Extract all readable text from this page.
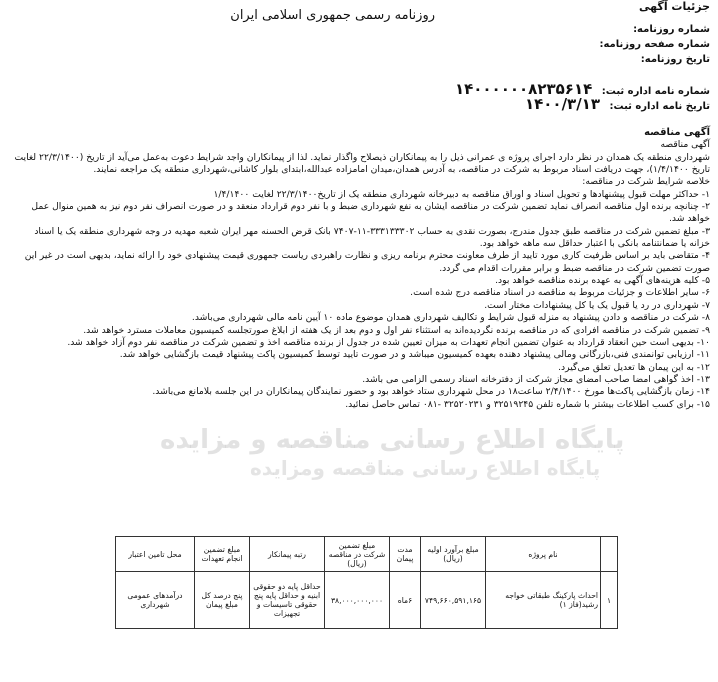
جزئیات آگهی
روزنامه رسمی جمهوری اسلامی ایران
شماره روزنامه:
شماره صفحه روزنامه:
تاریخ روزنامه:
شماره نامه اداره ثبت: ۱۴۰۰۰۰۰۰۸۲۳۵۶۱۴
تاریخ نامه اداره ثبت: ۱۴۰۰/۳/۱۳

آگهی مناقصه

آگهی مناقصه

شهرداری منطقه یک همدان در نظر دارد اجرای پروژه ی عمرانی ذیل را به پیمانکاران ذیصلاح واگذار نماید. لذا از پیمانکاران واجد شرایط دعوت به‌عمل می‌آید از تاریخ (۲۲/۳/۱۴۰۰ لغایت تاریخ ۱/۴/۱۴۰۰)، جهت دریافت اسناد مربوط به شرکت در مناقصه، به آدرس همدان،میدان امامزاده عبدالله،ابتدای بلوار کاشانی،شهرداری منطقه یک مراجعه نمایند.

خلاصه شرایط شرکت در مناقصه:

۱- حداکثر مهلت قبول پیشنهادها و تحویل اسناد و اوراق مناقصه به دبیرخانه شهرداری منطقه یک از تاریخ۲۲/۳/۱۴۰۰ لغایت ۱/۴/۱۴۰۰

۲- چنانچه برنده اول مناقصه انصراف نماید تضمین شرکت در مناقصه ایشان به نفع شهرداری ضبط و با نفر دوم قرارداد منعقد و در صورت انصراف نفر دوم نیز به همین منوال عمل خواهد شد.

۳- مبلغ تضمین شرکت در مناقصه طبق جدول مندرج، بصورت نقدی به حساب ۳۳۳۱۳۳۳۰۲-۱۱-۷۴۰۷ بانک قرض الحسنه مهر ایران شعبه مهدیه در وجه شهرداری منطقه یک یا اسناد خزانه یا ضمانتنامه بانکی با اعتبار حداقل سه ماهه خواهد بود.

۴- متقاضی باید بر اساس ظرفیت کاری مورد تایید از طرف معاونت محترم برنامه ریزی و نظارت راهبردی ریاست جمهوری قیمت پیشنهادی خود را ارائه نماید، بدیهی است در غیر این صورت تضمین شرکت در مناقصه ضبط و برابر مقررات اقدام می گردد.

۵- کلیه هزینه‌های آگهی به عهده برنده مناقصه خواهد بود.

۶- سایر اطلاعات و جزئیات مربوط به مناقصه در اسناد مناقصه درج شده است.

۷- شهرداری در رد یا قبول یک یا کل پیشنهادات مختار است.

۸- شرکت در مناقصه و دادن پیشنهاد به منزله قبول شرایط و تکالیف شهرداری همدان موضوع ماده ۱۰ آیین نامه مالی شهرداری می‌باشد.

۹- تضمین شرکت در مناقصه افرادی که در مناقصه برنده نگردیده‌اند به استثناء نفر اول و دوم بعد از یک هفته از ابلاغ صورتجلسه کمیسیون معاملات مسترد خواهد شد.

۱۰- بدیهی است حین انعقاد قرارداد به عنوان تضمین انجام تعهدات به میزان تعیین شده در جدول از برنده مناقصه اخذ و تضمین شرکت در مناقصه نفر دوم آزاد خواهد شد.

۱۱- ارزیابی توانمندی فنی،بازرگانی ومالی پیشنهاد دهنده بعهده کمیسیون میباشد و در صورت تایید توسط کمیسیون پاکت پیشنهاد قیمت بازگشایی خواهد شد.

۱۲- به این پیمان ها تعدیل تعلق می‌گیرد.

۱۳- اخذ گواهی امضا صاحب امضای مجاز شرکت از دفترخانه اسناد رسمی الزامی می باشد.

۱۴- زمان بازگشایی پاکت‌ها مورخ ۲/۴/۱۴۰۰ ساعت۱۸ در محل شهرداری ستاد خواهد بود و حضور نمایندگان پیمانکاران در این جلسه بلامانع می‌باشد.

۱۵- برای کسب اطلاعات بیشتر با شماره تلفن ۳۲۵۱۹۲۴۵ و ۳۲۵۲۰۲۳۱ -۰۸۱ تماس حاصل نمائید.

پایگاه اطلاع رسانی مناقصه و مزایده
پایگاه اطلاع رسانی مناقصه ومزایده
	نام پروژه	مبلغ برآورد اولیه (ریال)	مدت پیمان	مبلغ تضمین شرکت در مناقصه (ریال)	رتبه پیمانکار	مبلغ تضمین انجام تعهدات	محل تامین اعتبار
۱	احداث پارکینگ طبقاتی خواجه رشید(فاز ۱)	۷۴۹,۶۶۰,۵۹۱,۱۶۵	۶ماه	۳۸,۰۰۰,۰۰۰,۰۰۰	حداقل پایه دو حقوقی ابنیه و حداقل پایه پنج حقوقی تاسیسات و تجهیزات	پنج درصد کل مبلغ پیمان	درآمدهای عمومی شهرداری
